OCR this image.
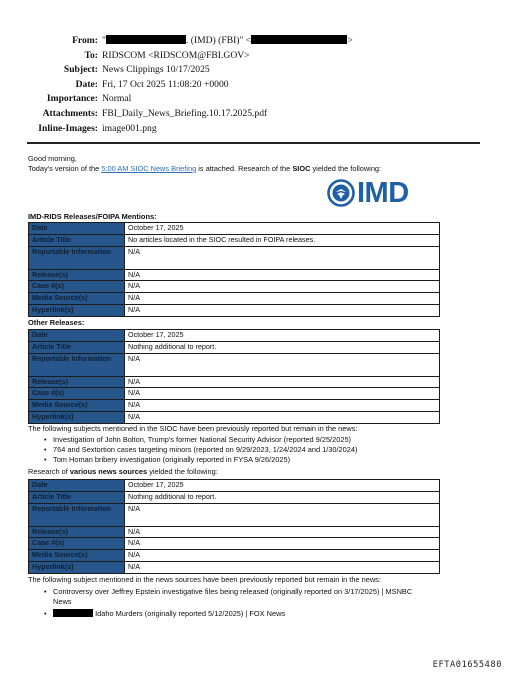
From: "	. (IMD) (FBI)" <	>
To: RIDSCOM <RIDSCOM@FBI.GOV>
Subject: News Clippings 10/17/2025
Date: Fri, 17 Oct 2025 11:08:20 +0000
Importance: Normal
Attachments: FBI_Daily_News_Briefing.10.17.2025.pdf
Inline-Images: image001.png
Good morning,
Today's version of the 5:00 AM SIOC News Briefing is attached. Research of the SIOC yielded the following:
IMD
IMD-RIDS Releases/FOIPA Mentions:
Date	October 17, 2025
Article Title	No articles located in the SIOC resulted in FOIPA releases.
Reportable Information	N/A
Release(s)	N/A
Case #(s)	N/A
Media Source(s)	N/A
Hyperlink(s)	N/A
Other Releases:
Date	October 17, 2025
Article Title	Nothing additional to report.
Reportable Information	N/A
Release(s)	N/A
Case #(s)	N/A
Media Source(s)	N/A
Hyperlink(s)	N/A
The following subjects mentioned in the SIOC have been previously reported but remain in the news:
• Investigation of John Bolton, Trump's former National Security Advisor (reported 9/25/2025)
• 764 and Sextortion cases targeting minors (reported on 9/29/2023, 1/24/2024 and 1/30/2024)
• Tom Homan bribery investigation (originally reported in FYSA 9/26/2025)
Research of various news sources yielded the following:
Date	October 17, 2025
Article Title	Nothing additional to report.
Reportable Information	N/A
Release(s)	N/A
Case #(s)	N/A
Media Source(s)	N/A
Hyperlink(s)	N/A
The following subject mentioned in the news sources have been previously reported but remain in the news:
• Controversy over Jeffrey Epstein investigative files being released (originally reported on 3/17/2025) | MSNBC
News
• Idaho Murders (originally reported 5/12/2025) | FOX News
EFTA01655480
